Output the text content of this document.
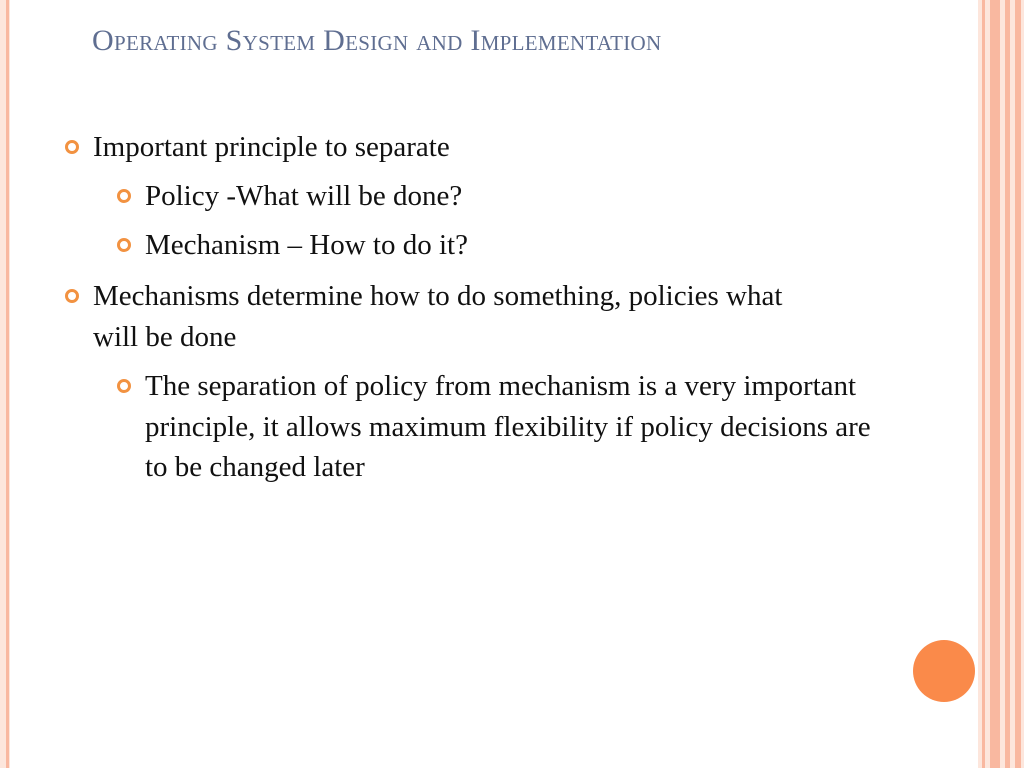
Operating System Design and Implementation
Important principle to separate
Policy -What will be done?
Mechanism – How to do it?
Mechanisms determine how to do something, policies what will be done
The separation of policy from mechanism is a very important principle, it allows maximum flexibility if policy decisions are to be changed later
